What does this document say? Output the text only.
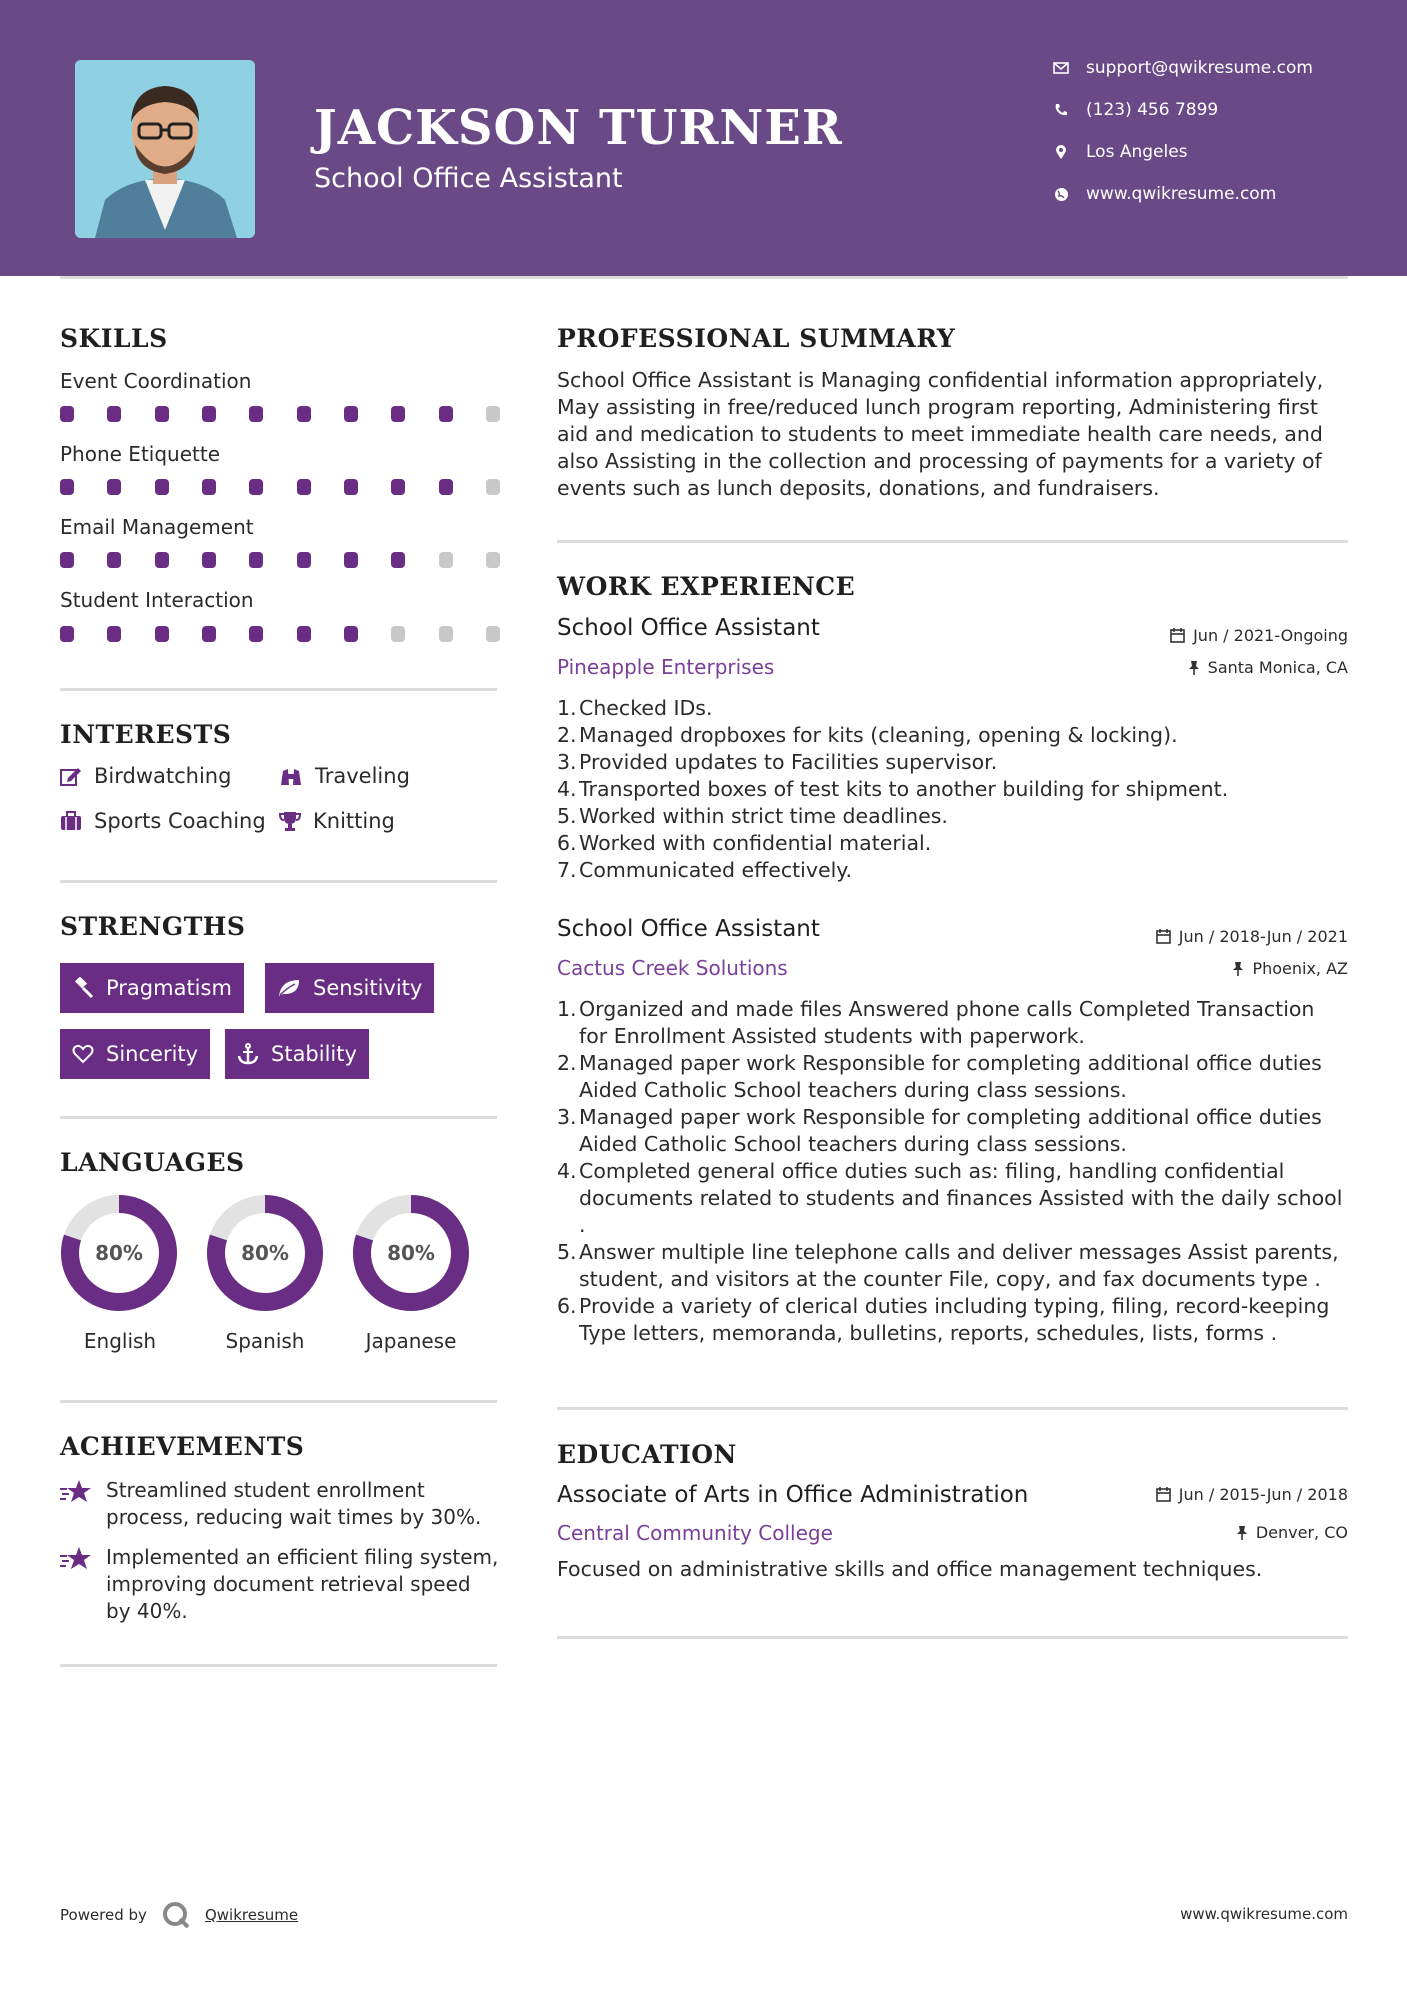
JACKSON TURNER
School Office Assistant
support@qwikresume.com
(123) 456 7899
Los Angeles
www.qwikresume.com
SKILLS
Event Coordination
Phone Etiquette
Email Management
Student Interaction
INTERESTS
Birdwatching	Traveling
Sports Coaching Knitting
STRENGTHS
Pragmatism	Sensitivity
Sincerity	Stability
LANGUAGES
80%
English
80%
Spanish
80%
Japanese
ACHIEVEMENTS
Streamlined student enrollment process, reducing wait times by 30%.
Implemented an efficient filing system, improving document retrieval speed by 40%.
PROFESSIONAL SUMMARY
School Office Assistant is Managing confidential information appropriately, May assisting in free/reduced lunch program reporting, Administering first aid and medication to students to meet immediate health care needs, and also Assisting in the collection and processing of payments for a variety of events such as lunch deposits, donations, and fundraisers.
WORK EXPERIENCE
School Office Assistant	Jun / 2021-Ongoing
Pineapple Enterprises	Santa Monica, CA
1. Checked IDs.
2. Managed dropboxes for kits (cleaning, opening & locking).
3. Provided updates to Facilities supervisor.
4. Transported boxes of test kits to another building for shipment.
5. Worked within strict time deadlines.
6. Worked with confidential material.
7. Communicated effectively.
School Office Assistant	Jun / 2018-Jun / 2021
Cactus Creek Solutions	Phoenix, AZ
1. Organized and made files Answered phone calls Completed Transaction for Enrollment Assisted students with paperwork.
2. Managed paper work Responsible for completing additional office duties Aided Catholic School teachers during class sessions.
3. Managed paper work Responsible for completing additional office duties Aided Catholic School teachers during class sessions.
4. Completed general office duties such as: filing, handling confidential documents related to students and finances Assisted with the daily school .
5. Answer multiple line telephone calls and deliver messages Assist parents, student, and visitors at the counter File, copy, and fax documents type .
6. Provide a variety of clerical duties including typing, filing, record-keeping Type letters, memoranda, bulletins, reports, schedules, lists, forms .
EDUCATION
Associate of Arts in Office Administration	Jun / 2015-Jun / 2018
Central Community College	Denver, CO
Focused on administrative skills and office management techniques.
Powered by	Qwikresume	www.qwikresume.com
